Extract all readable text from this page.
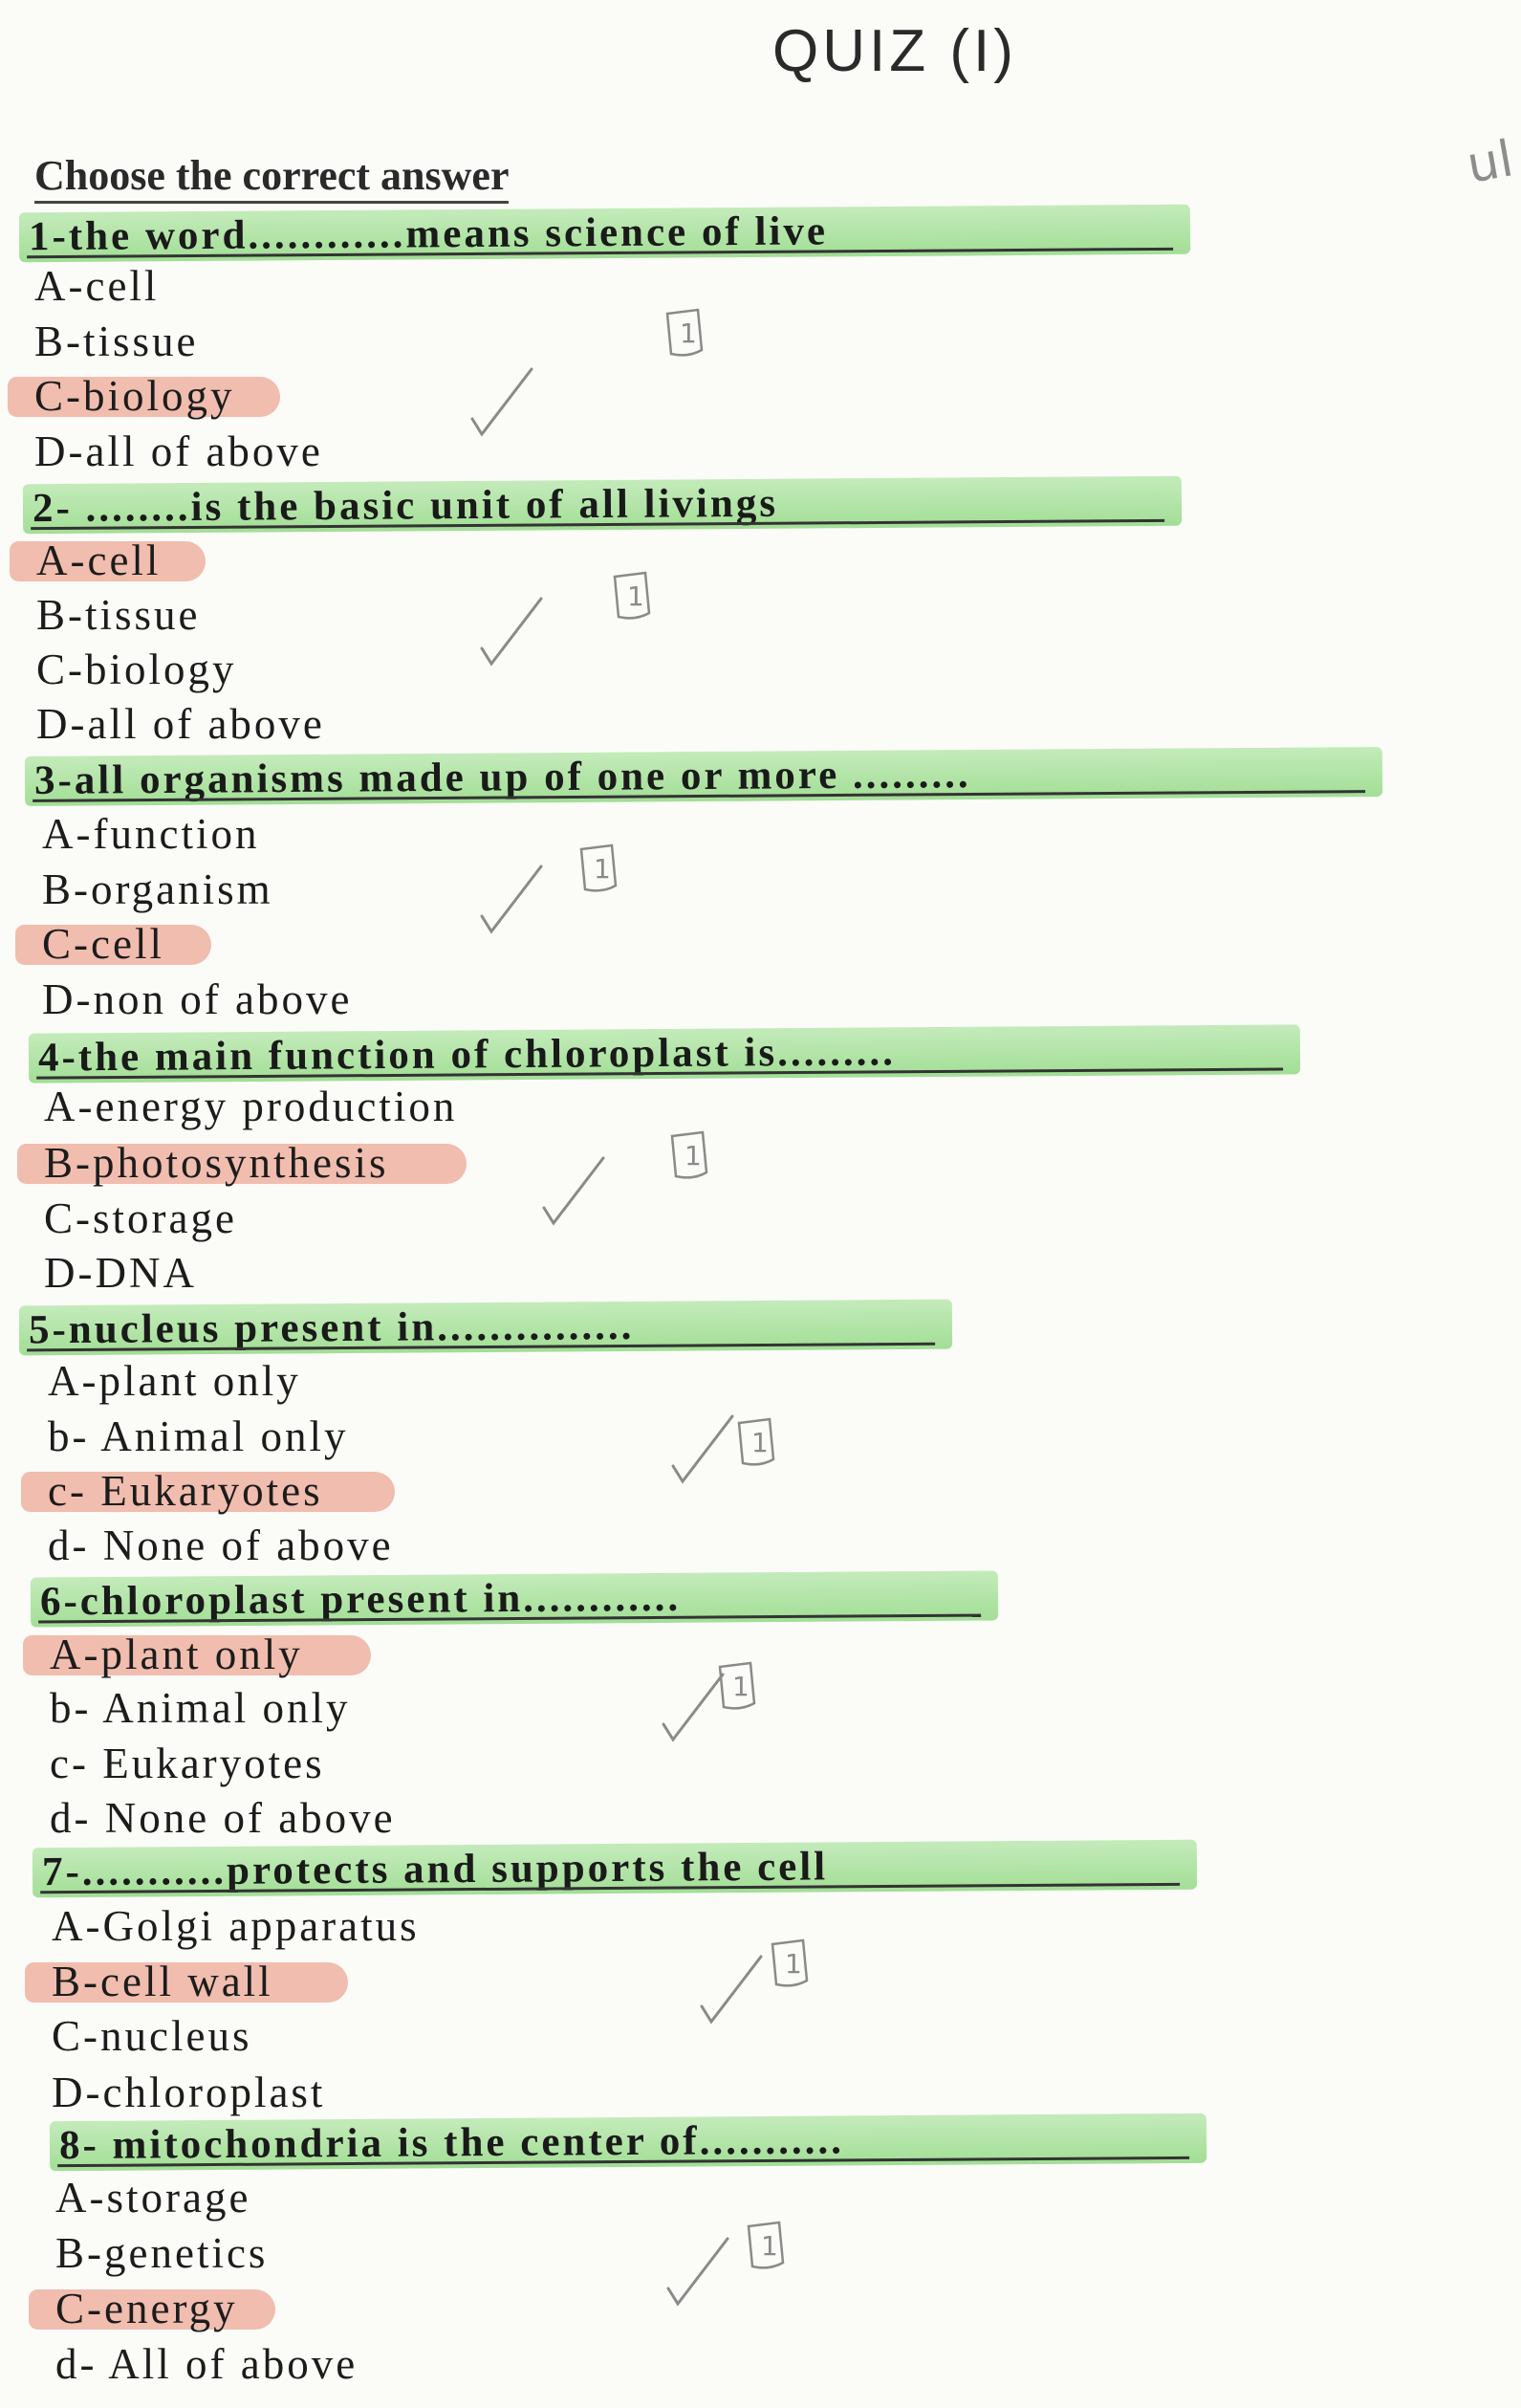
QUIZ (I)
ul
Choose the correct answer
1-the word............means science of live
A-cell
B-tissue
C-biology
D-all of above
1
2- ........is the basic unit of all livings
A-cell
B-tissue
C-biology
D-all of above
1
3-all organisms made up of one or more .........
A-function
B-organism
C-cell
D-non of above
1
4-the main function of chloroplast is.........
A-energy production
B-photosynthesis
C-storage
D-DNA
1
5-nucleus present in...............
A-plant only
b- Animal only
c- Eukaryotes
d- None of above
1
6-chloroplast present in............
A-plant only
b- Animal only
c- Eukaryotes
d- None of above
1
7-...........protects and supports the cell
A-Golgi apparatus
B-cell wall
C-nucleus
D-chloroplast
1
8- mitochondria is the center of...........
A-storage
B-genetics
C-energy
d- All of above
1
